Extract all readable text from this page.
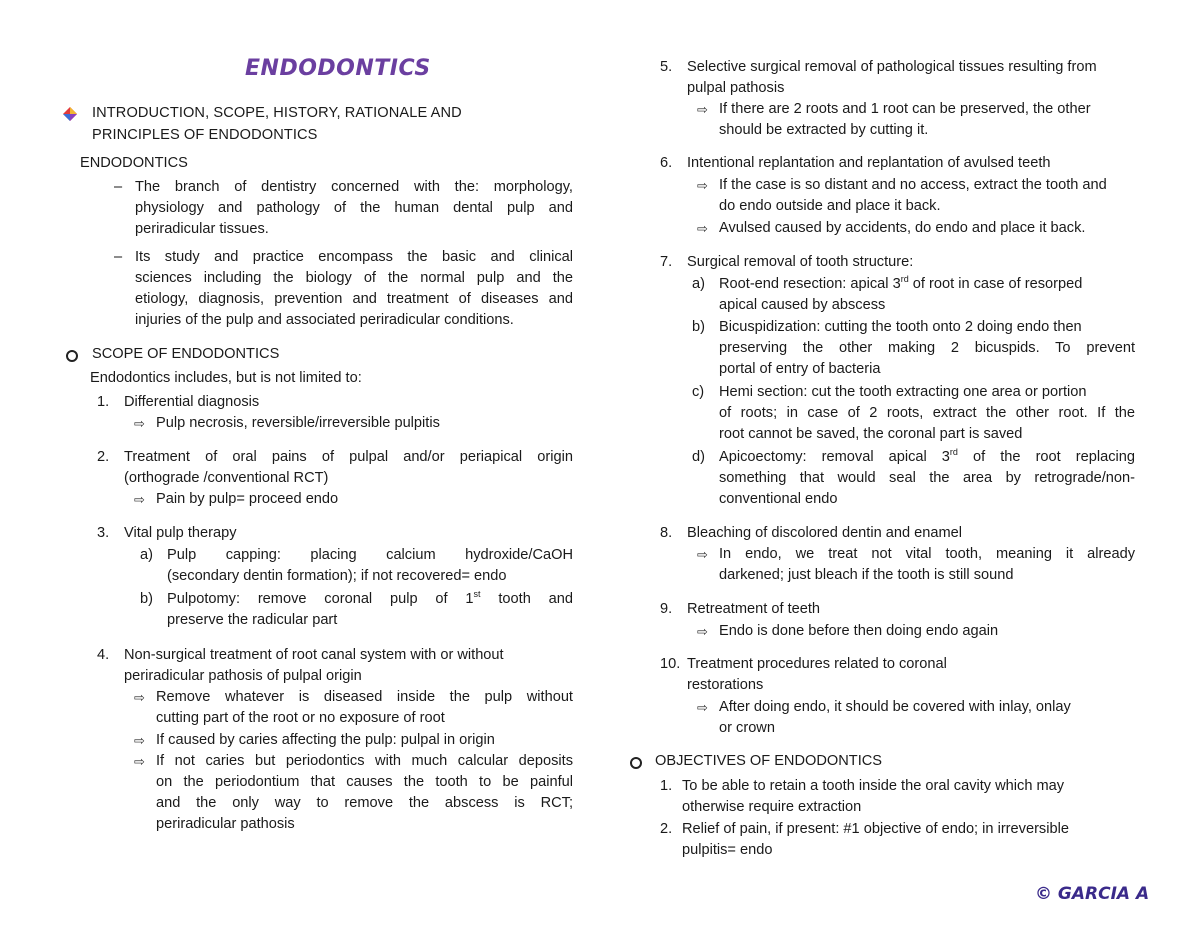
ENDODONTICS
INTRODUCTION, SCOPE, HISTORY, RATIONALE AND
PRINCIPLES OF ENDODONTICS
ENDODONTICS
– The branch of dentistry concerned with the: morphology,
physiology and pathology of the human dental pulp and
periradicular tissues.
– Its study and practice encompass the basic and clinical
sciences including the biology of the normal pulp and the
etiology, diagnosis, prevention and treatment of diseases and
injuries of the pulp and associated periradicular conditions.
SCOPE OF ENDODONTICS
Endodontics includes, but is not limited to:
1. Differential diagnosis
⇨ Pulp necrosis, reversible/irreversible pulpitis
2. Treatment of oral pains of pulpal and/or periapical origin
(orthograde /conventional RCT)
⇨ Pain by pulp= proceed endo
3. Vital pulp therapy
a) Pulp capping: placing calcium hydroxide/CaOH
(secondary dentin formation); if not recovered= endo
b) Pulpotomy: remove coronal pulp of 1st tooth and
preserve the radicular part
4. Non-surgical treatment of root canal system with or without
periradicular pathosis of pulpal origin
⇨ Remove whatever is diseased inside the pulp without
cutting part of the root or no exposure of root
⇨ If caused by caries affecting the pulp: pulpal in origin
⇨ If not caries but periodontics with much calcular deposits
on the periodontium that causes the tooth to be painful
and the only way to remove the abscess is RCT;
periradicular pathosis
5. Selective surgical removal of pathological tissues resulting from
pulpal pathosis
⇨ If there are 2 roots and 1 root can be preserved, the other
should be extracted by cutting it.
6. Intentional replantation and replantation of avulsed teeth
⇨ If the case is so distant and no access, extract the tooth and
do endo outside and place it back.
⇨ Avulsed caused by accidents, do endo and place it back.
7. Surgical removal of tooth structure:
a) Root-end resection: apical 3rd of root in case of resorped
apical caused by abscess
b) Bicuspidization: cutting the tooth onto 2 doing endo then
preserving the other making 2 bicuspids. To prevent
portal of entry of bacteria
c) Hemi section: cut the tooth extracting one area or portion
of roots; in case of 2 roots, extract the other root. If the
root cannot be saved, the coronal part is saved
d) Apicoectomy: removal apical 3rd of the root replacing
something that would seal the area by retrograde/non-
conventional endo
8. Bleaching of discolored dentin and enamel
⇨ In endo, we treat not vital tooth, meaning it already
darkened; just bleach if the tooth is still sound
9. Retreatment of teeth
⇨ Endo is done before then doing endo again
10. Treatment procedures related to coronal
restorations
⇨ After doing endo, it should be covered with inlay, onlay
or crown
OBJECTIVES OF ENDODONTICS
1. To be able to retain a tooth inside the oral cavity which may
otherwise require extraction
2. Relief of pain, if present: #1 objective of endo; in irreversible
pulpitis= endo
© GARCIA A
